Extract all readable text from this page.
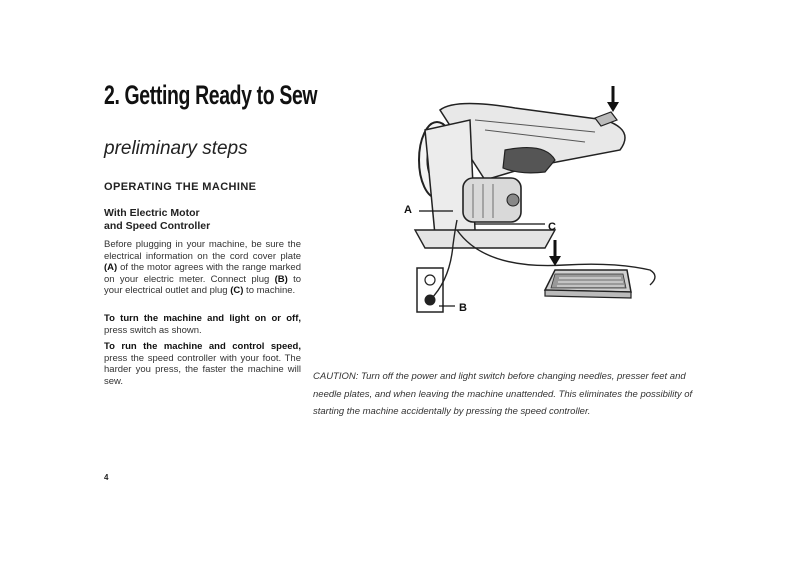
2. Getting Ready to Sew
preliminary steps
OPERATING THE MACHINE
With Electric Motor
and Speed Controller
Before plugging in your machine, be sure the electrical information on the cord cover plate (A) of the motor agrees with the range marked on your electric meter. Connect plug (B) to your electrical outlet and plug (C) to machine.
To turn the machine and light on or off, press switch as shown.
To run the machine and control speed, press the speed controller with your foot. The harder you press, the faster the machine will sew.
A
B
C
CAUTION: Turn off the power and light switch before changing needles, presser feet and needle plates, and when leaving the machine unattended. This eliminates the possibility of starting the machine accidentally by pressing the speed controller.
4
